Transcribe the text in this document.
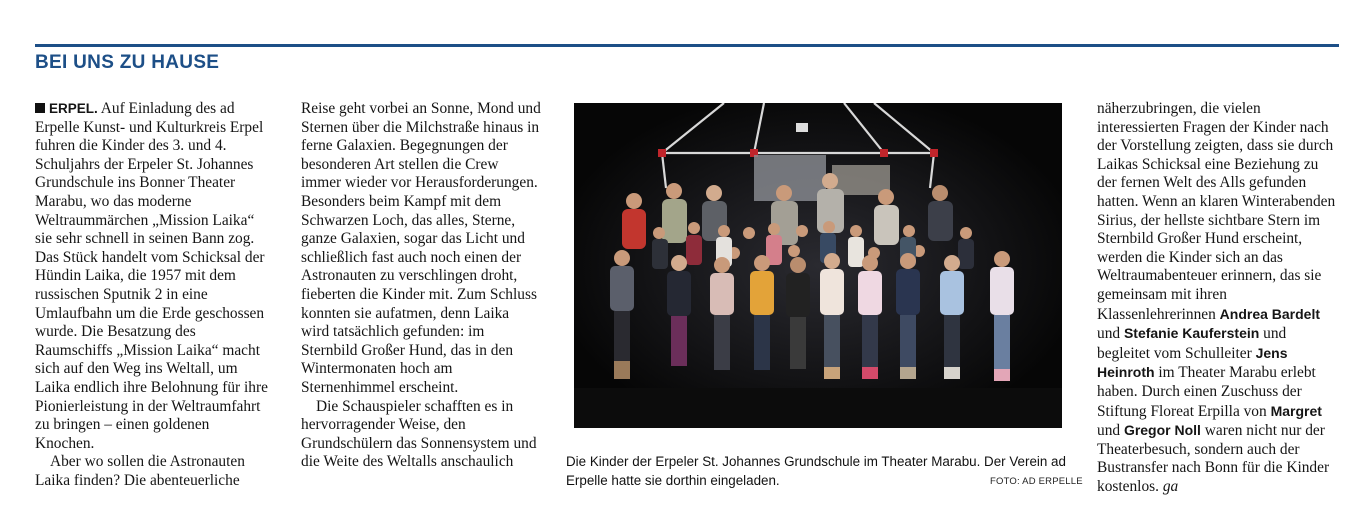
BEI UNS ZU HAUSE

ERPEL. Auf Einladung des ad Erpelle Kunst- und Kulturkreis Erpel fuhren die Kinder des 3. und 4. Schuljahrs der Erpeler St. Johannes Grundschule ins Bonner Theater Marabu, wo das moderne Weltraummärchen „Mission Laika“ sie sehr schnell in seinen Bann zog. Das Stück handelt vom Schicksal der Hündin Laika, die 1957 mit dem russischen Sputnik 2 in eine Umlaufbahn um die Erde geschossen wurde. Die Besatzung des Raumschiffs „Mission Laika“ macht sich auf den Weg ins Weltall, um Laika endlich ihre Belohnung für ihre Pionierleistung in der Weltraumfahrt zu bringen – einen goldenen Knochen.

Aber wo sollen die Astronauten Laika finden? Die abenteuerliche

Reise geht vorbei an Sonne, Mond und Sternen über die Milchstraße hinaus in ferne Galaxien. Begegnungen der besonderen Art stellen die Crew immer wieder vor Herausforderungen. Besonders beim Kampf mit dem Schwarzen Loch, das alles, Sterne, ganze Galaxien, sogar das Licht und schließlich fast auch noch einen der Astronauten zu verschlingen droht, fieberten die Kinder mit. Zum Schluss konnten sie aufatmen, denn Laika wird tatsächlich gefunden: im Sternbild Großer Hund, das in den Wintermonaten hoch am Sternenhimmel erscheint.

Die Schauspieler schafften es in hervorragender Weise, den Grundschülern das Sonnensystem und die Weite des Weltalls anschaulich	Die Kinder der Erpeler St. Johannes Grundschule im Theater Marabu. Der Verein ad Erpelle hatte sie dorthin eingeladen.	FOTO: AD ERPELLE

näherzubringen, die vielen interessierten Fragen der Kinder nach der Vorstellung zeigten, dass sie durch Laikas Schicksal eine Beziehung zu der fernen Welt des Alls gefunden hatten. Wenn an klaren Winterabenden Sirius, der hellste sichtbare Stern im Sternbild Großer Hund erscheint, werden die Kinder sich an das Weltraumabenteuer erinnern, das sie gemeinsam mit ihren Klassenlehrerinnen Andrea Bardelt und Stefanie Kauferstein und begleitet vom Schulleiter Jens Heinroth im Theater Marabu erlebt haben. Durch einen Zuschuss der Stiftung Floreat Erpilla von Margret und Gregor Noll waren nicht nur der Theaterbesuch, sondern auch der Bustransfer nach Bonn für die Kinder kostenlos. ga
